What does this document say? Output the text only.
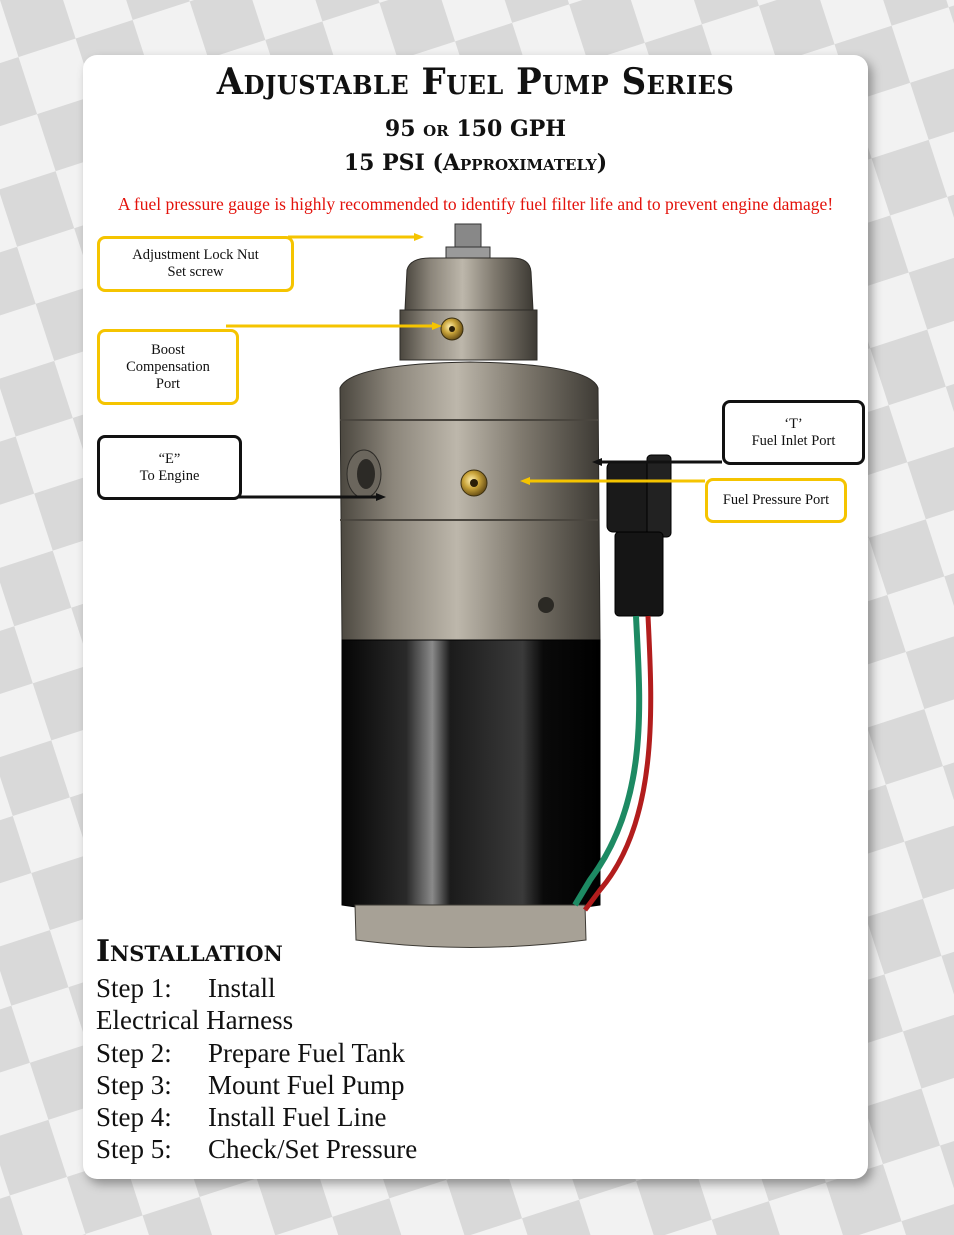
Adjustable Fuel Pump Series
95 or 150 GPH
15 PSI (Approximately)
A fuel pressure gauge is highly recommended to identify fuel filter life and to prevent engine damage!
Adjustment Lock Nut
Set screw
Boost
Compensation
Port
“E”
To Engine
‘T’
Fuel Inlet Port
Fuel Pressure Port
Installation
Step 1: Install
Electrical Harness
Step 2: Prepare Fuel Tank
Step 3: Mount Fuel Pump
Step 4: Install Fuel Line
Step 5: Check/Set Pressure
